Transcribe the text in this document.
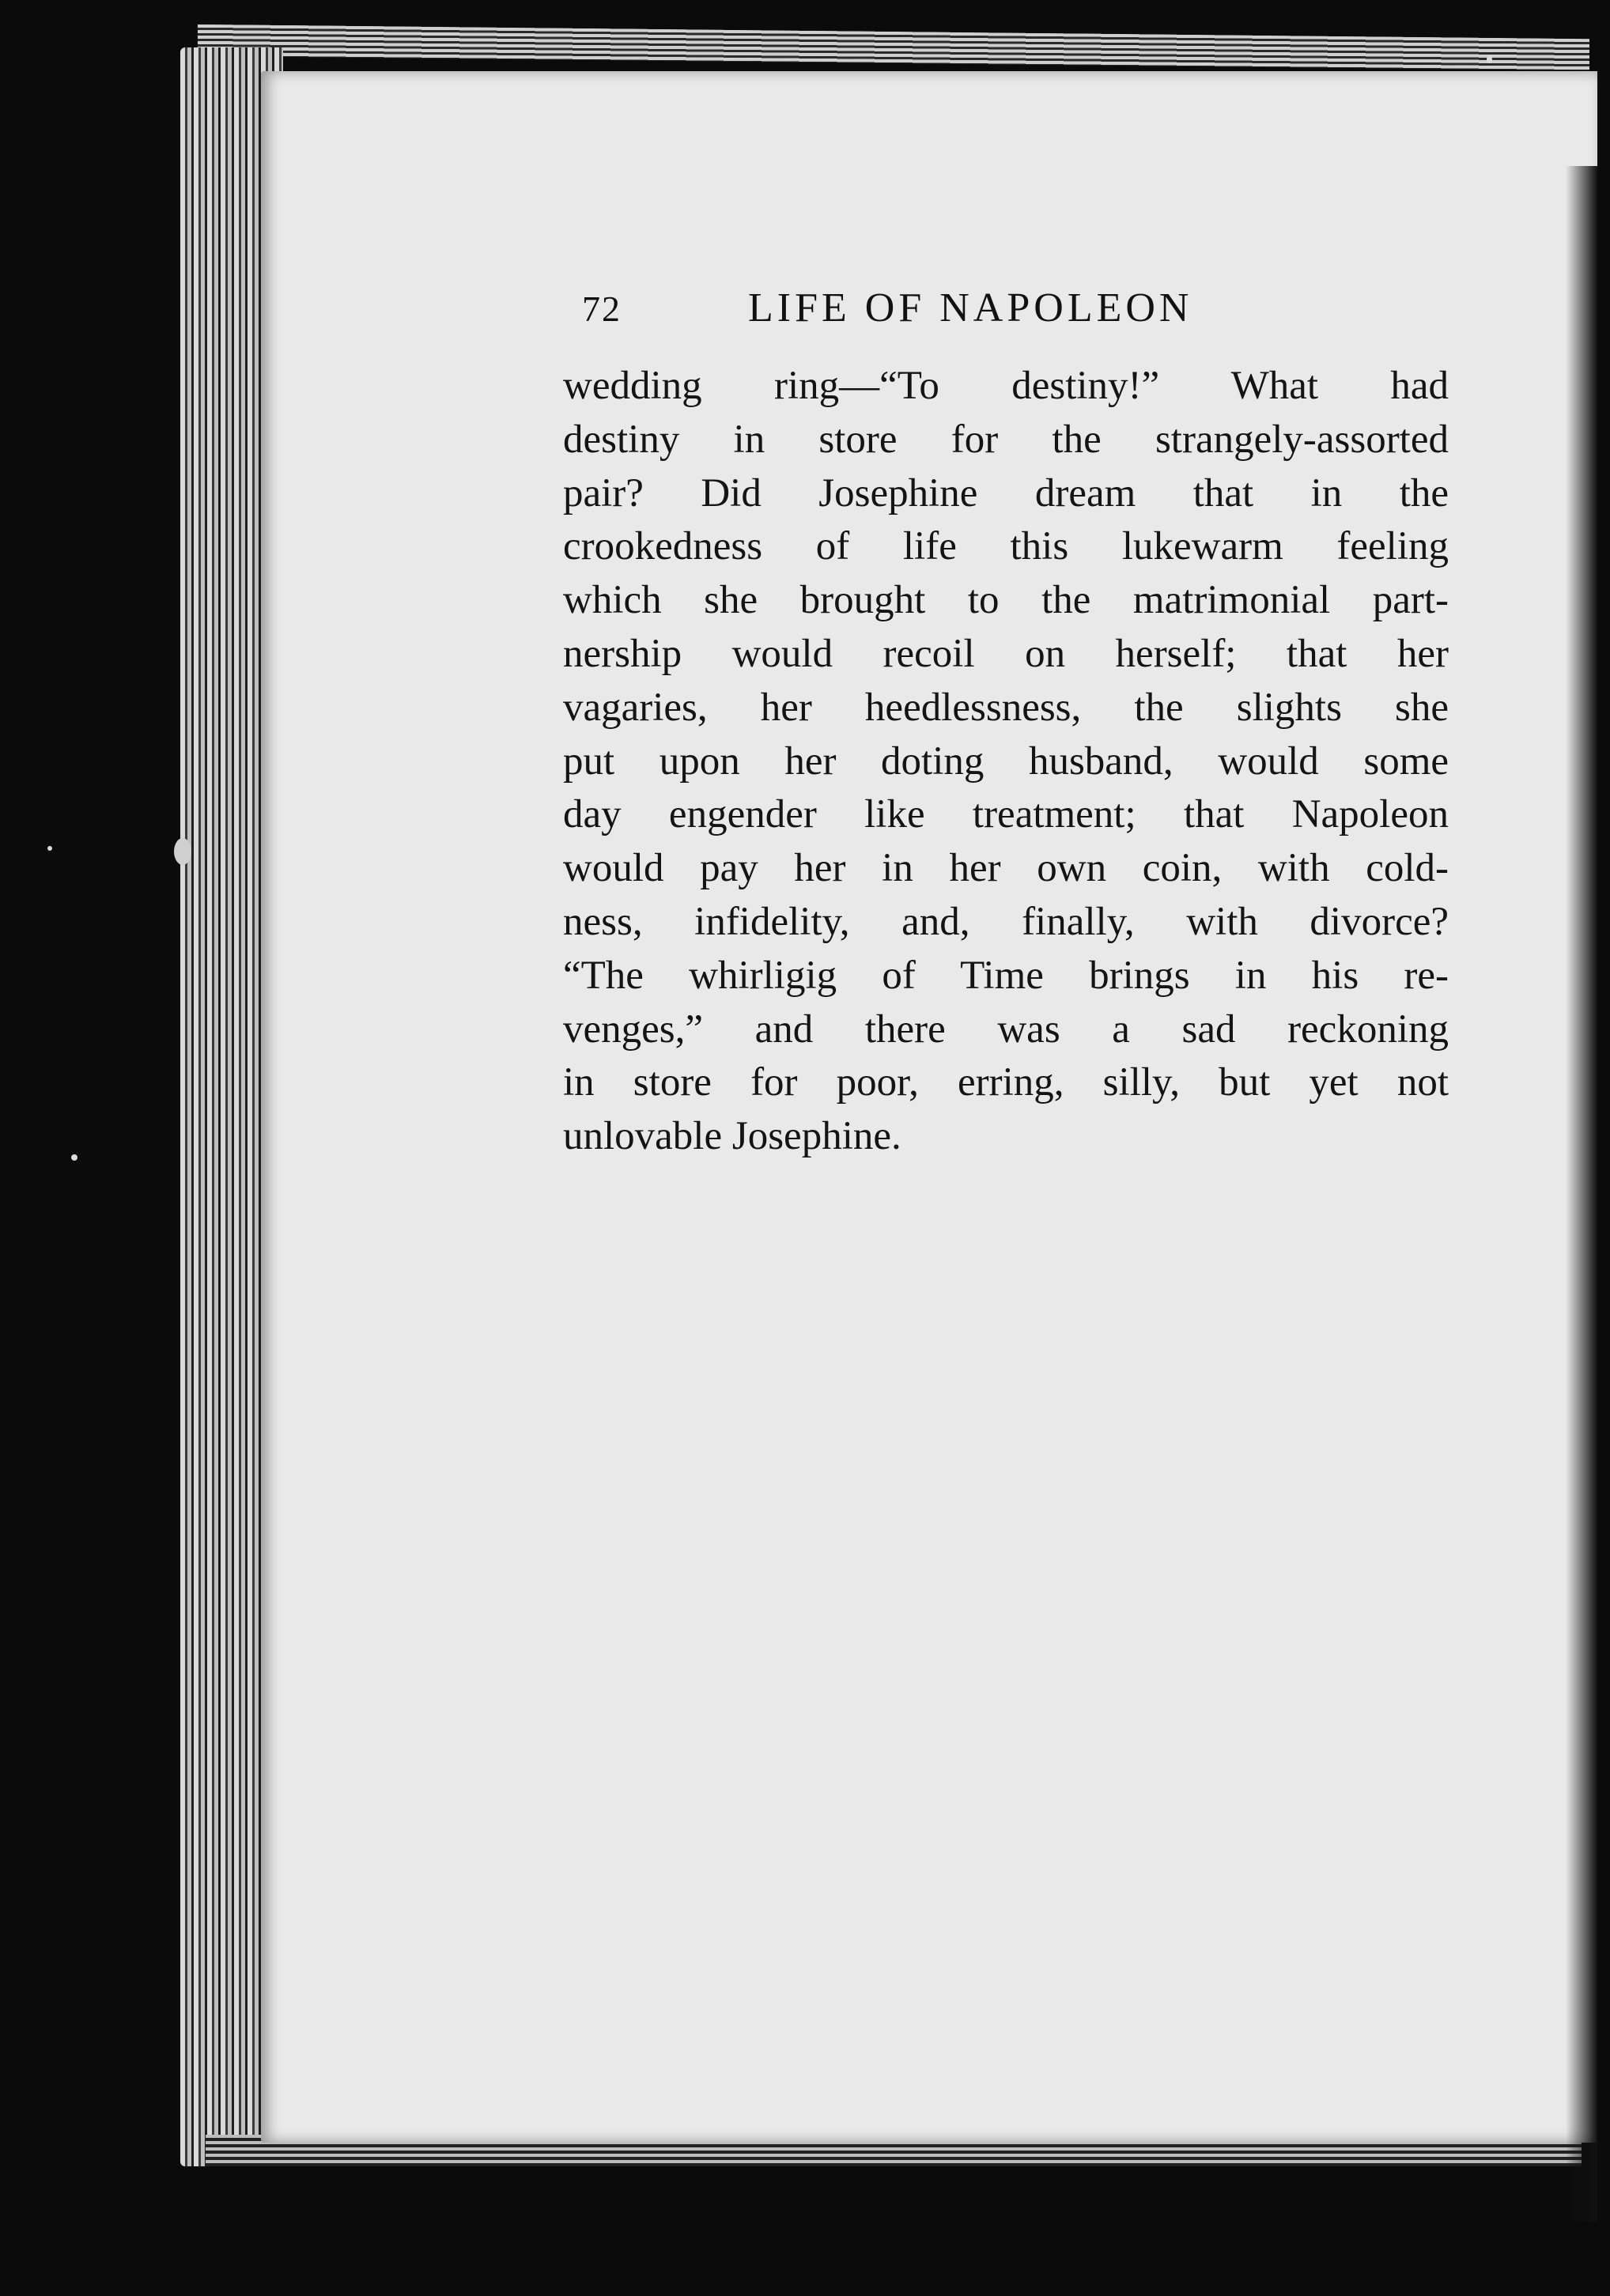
72	LIFE OF NAPOLEON
wedding ring—“To destiny!” What had
destiny in store for the strangely-assorted
pair? Did Josephine dream that in the
crookedness of life this lukewarm feeling
which she brought to the matrimonial part-
nership would recoil on herself; that her
vagaries, her heedlessness, the slights she
put upon her doting husband, would some
day engender like treatment; that Napoleon
would pay her in her own coin, with cold-
ness, infidelity, and, finally, with divorce?
“The whirligig of Time brings in his re-
venges,” and there was a sad reckoning
in store for poor, erring, silly, but yet not
unlovable Josephine.
